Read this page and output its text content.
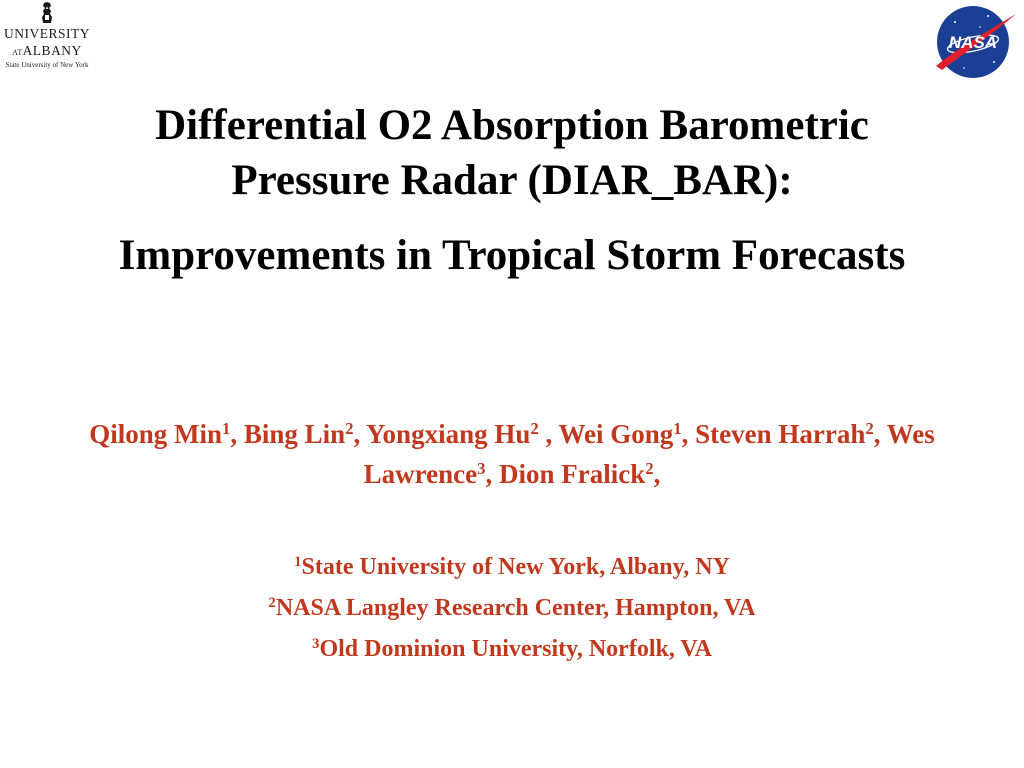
UNIVERSITY
ATALBANY
State University of New York
NASA
Differential O2 Absorption Barometric
Pressure Radar (DIAR_BAR):
Improvements in Tropical Storm Forecasts
Qilong Min$^1$, Bing Lin$^2$, Yongxiang Hu$^2$ , Wei Gong$^1$, Steven Harrah$^2$, Wes Lawrence$^3$, Dion Fralick$^2$,
$^1$State University of New York, Albany, NY
$^2$NASA Langley Research Center, Hampton, VA
$^3$Old Dominion University, Norfolk, VA
